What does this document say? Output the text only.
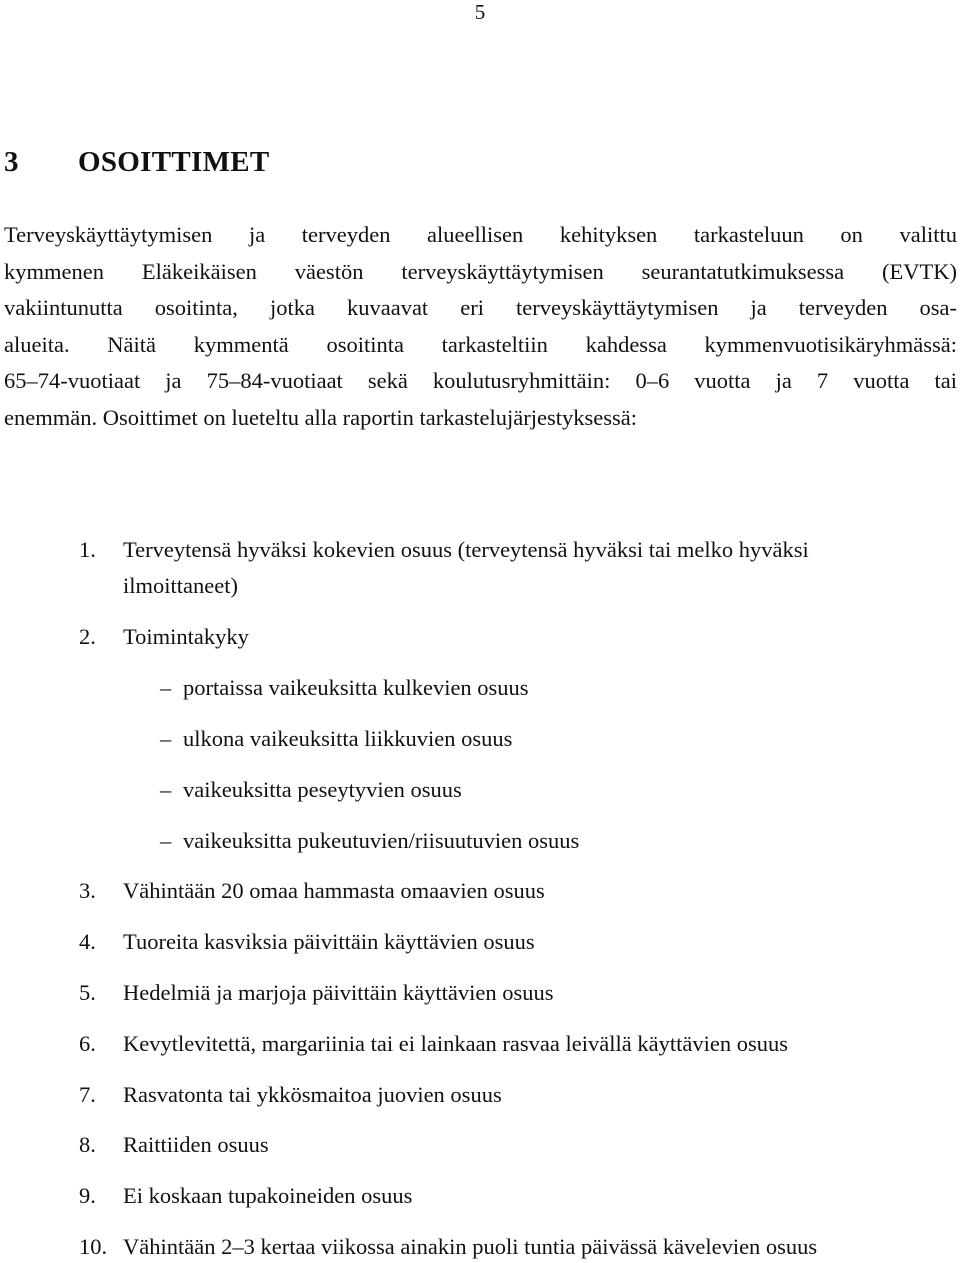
5
3 OSOITTIMET
Terveyskäyttäytymisen ja terveyden alueellisen kehityksen tarkasteluun on valittu
kymmenen Eläkeikäisen väestön terveyskäyttäytymisen seurantatutkimuksessa (EVTK)
vakiintunutta osoitinta, jotka kuvaavat eri terveyskäyttäytymisen ja terveyden osa-
alueita. Näitä kymmentä osoitinta tarkasteltiin kahdessa kymmenvuotisikäryhmässä:
65–74-vuotiaat ja 75–84-vuotiaat sekä koulutusryhmittäin: 0–6 vuotta ja 7 vuotta tai
enemmän. Osoittimet on lueteltu alla raportin tarkastelujärjestyksessä:
1.	Terveytensä hyväksi kokevien osuus (terveytensä hyväksi tai melko hyväksi
ilmoittaneet)
2.	Toimintakyky
– portaissa vaikeuksitta kulkevien osuus
– ulkona vaikeuksitta liikkuvien osuus
– vaikeuksitta peseytyvien osuus
– vaikeuksitta pukeutuvien/riisuutuvien osuus
3.	Vähintään 20 omaa hammasta omaavien osuus
4.	Tuoreita kasviksia päivittäin käyttävien osuus
5.	Hedelmiä ja marjoja päivittäin käyttävien osuus
6.	Kevytlevitettä, margariinia tai ei lainkaan rasvaa leivällä käyttävien osuus
7.	Rasvatonta tai ykkösmaitoa juovien osuus
8.	Raittiiden osuus
9.	Ei koskaan tupakoineiden osuus
10. Vähintään 2–3 kertaa viikossa ainakin puoli tuntia päivässä kävelevien osuus
